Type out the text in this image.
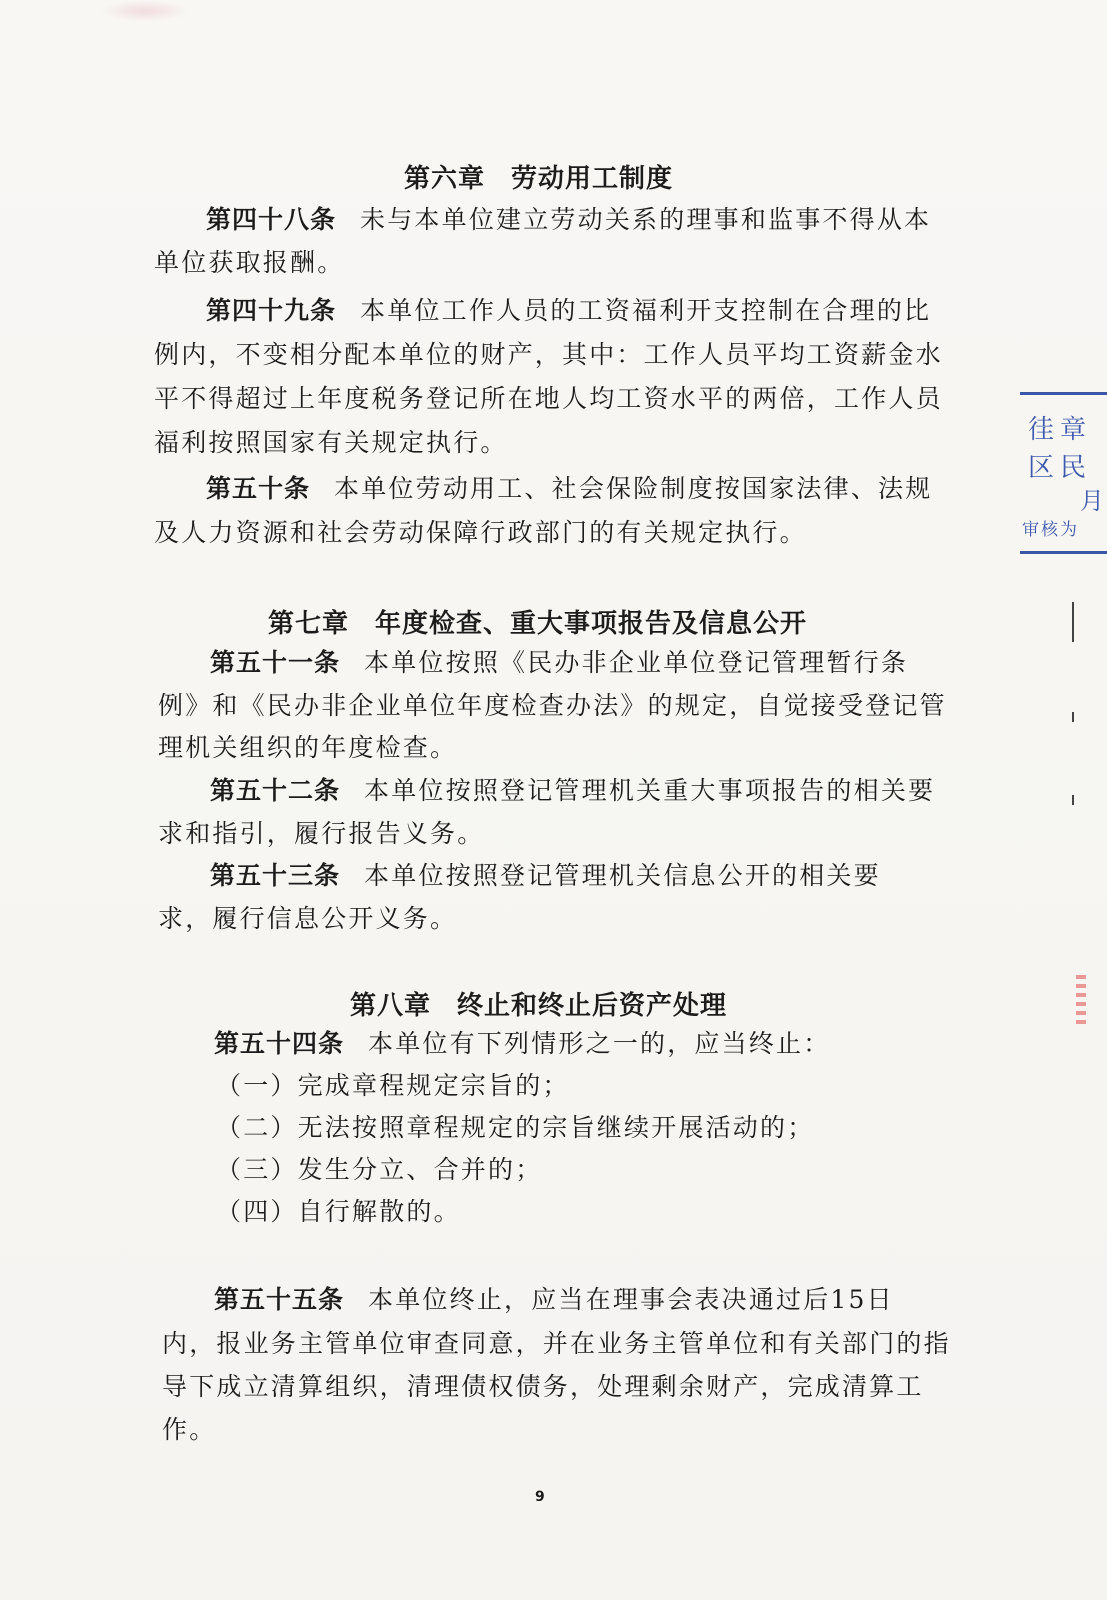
第六章 劳动用工制度
第四十八条 未与本单位建立劳动关系的理事和监事不得从本
单位获取报酬。
第四十九条 本单位工作人员的工资福利开支控制在合理的比
例内，不变相分配本单位的财产，其中：工作人员平均工资薪金水
平不得超过上年度税务登记所在地人均工资水平的两倍，工作人员
福利按照国家有关规定执行。
第五十条 本单位劳动用工、社会保险制度按国家法律、法规
及人力资源和社会劳动保障行政部门的有关规定执行。
第七章 年度检查、重大事项报告及信息公开
第五十一条 本单位按照《民办非企业单位登记管理暂行条
例》和《民办非企业单位年度检查办法》的规定，自觉接受登记管
理机关组织的年度检查。
第五十二条 本单位按照登记管理机关重大事项报告的相关要
求和指引，履行报告义务。
第五十三条 本单位按照登记管理机关信息公开的相关要
求，履行信息公开义务。
第八章 终止和终止后资产处理
第五十四条 本单位有下列情形之一的，应当终止：
（一）完成章程规定宗旨的；
（二）无法按照章程规定的宗旨继续开展活动的；
（三）发生分立、合并的；
（四）自行解散的。
第五十五条 本单位终止，应当在理事会表决通过后15日
内，报业务主管单位审查同意，并在业务主管单位和有关部门的指
导下成立清算组织，清理债权债务，处理剩余财产，完成清算工
作。
9
徍章
区民
月
审核为
